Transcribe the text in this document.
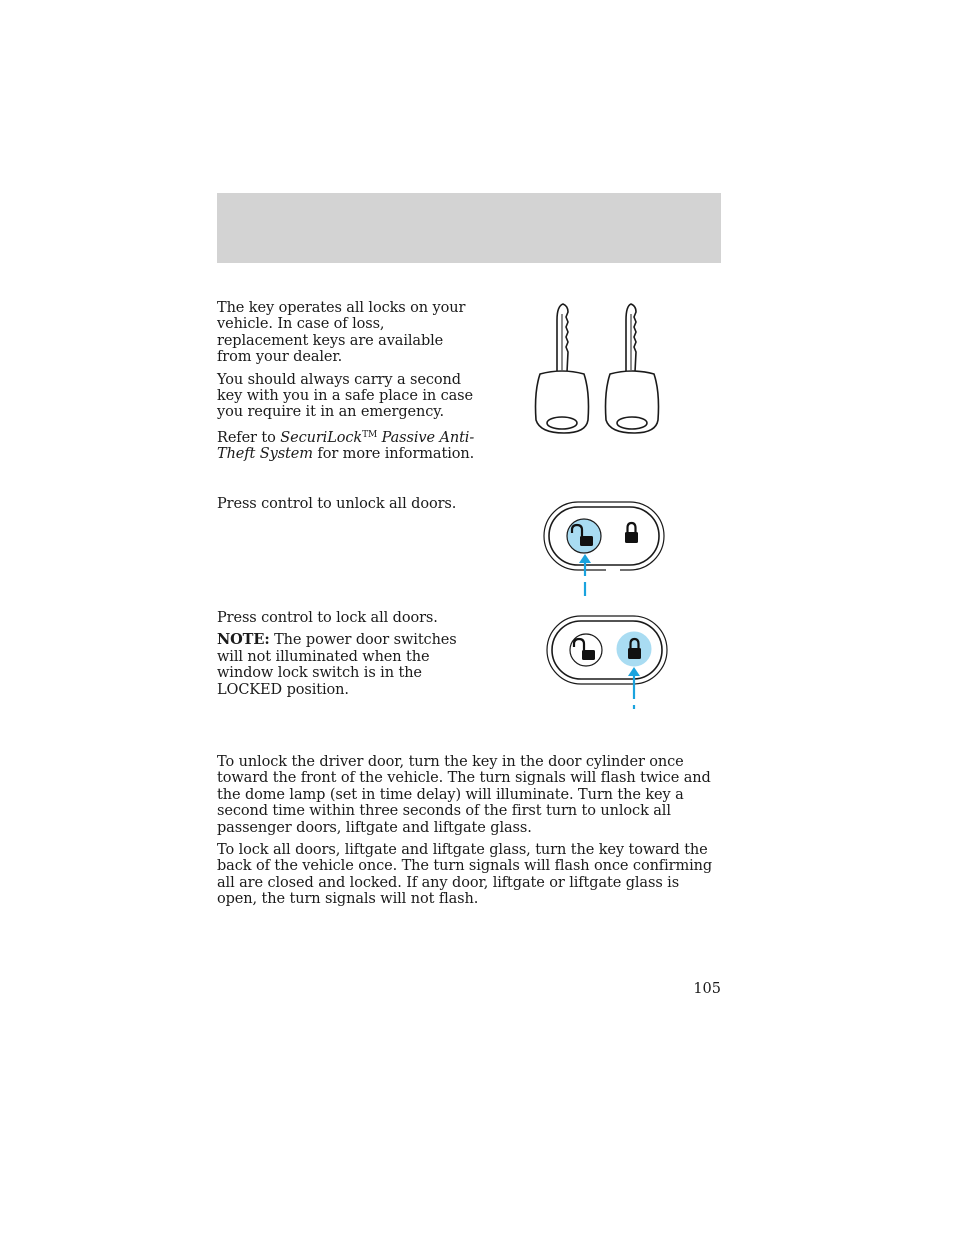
The key operates all locks on your vehicle. In case of loss, replacement keys are available from your dealer.

You should always carry a second key with you in a safe place in case you require it in an emergency.

Refer to SecuriLock™ Passive Anti-Theft System for more information.

Press control to unlock all doors.

Press control to lock all doors.

NOTE: The power door switches will not illuminated when the window lock switch is in the LOCKED position.

To unlock the driver door, turn the key in the door cylinder once toward the front of the vehicle. The turn signals will flash twice and the dome lamp (set in time delay) will illuminate. Turn the key a second time within three seconds of the first turn to unlock all passenger doors, liftgate and liftgate glass.

To lock all doors, liftgate and liftgate glass, turn the key toward the back of the vehicle once. The turn signals will flash once confirming all are closed and locked. If any door, liftgate or liftgate glass is open, the turn signals will not flash.

105
